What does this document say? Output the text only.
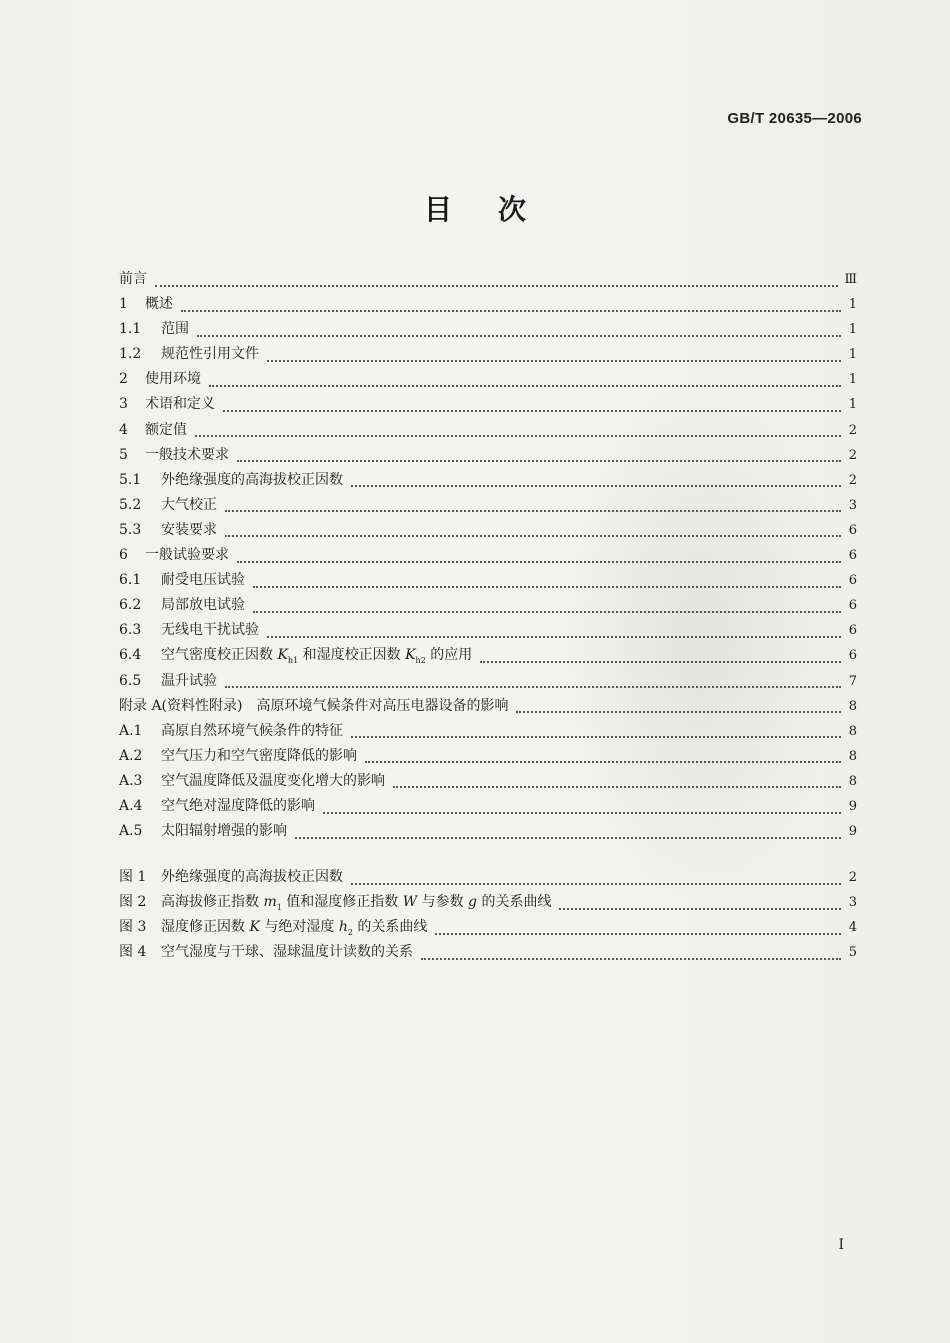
GB/T 20635—2006
目次
前言	Ⅲ
1	概述	1
1.1	范围	1
1.2	规范性引用文件	1
2	使用环境	1
3	术语和定义	1
4	额定值	2
5	一般技术要求	2
5.1	外绝缘强度的高海拔校正因数	2
5.2	大气校正	3
5.3	安装要求	6
6	一般试验要求	6
6.1	耐受电压试验	6
6.2	局部放电试验	6
6.3	无线电干扰试验	6
6.4	空气密度校正因数 $K_{h1}$ 和湿度校正因数 $K_{h2}$ 的应用	6
6.5	温升试验	7
附录 A(资料性附录)　高原环境气候条件对高压电器设备的影响	8
A.1	高原自然环境气候条件的特征	8
A.2	空气压力和空气密度降低的影响	8
A.3	空气温度降低及温度变化增大的影响	8
A.4	空气绝对湿度降低的影响	9
A.5	太阳辐射增强的影响	9
图 1	外绝缘强度的高海拔校正因数	2
图 2	高海拔修正指数 $m_1$ 值和湿度修正指数 W 与参数 g 的关系曲线	3
图 3	湿度修正因数 K 与绝对湿度 $h_2$ 的关系曲线	4
图 4	空气湿度与干球、湿球温度计读数的关系	5
I
